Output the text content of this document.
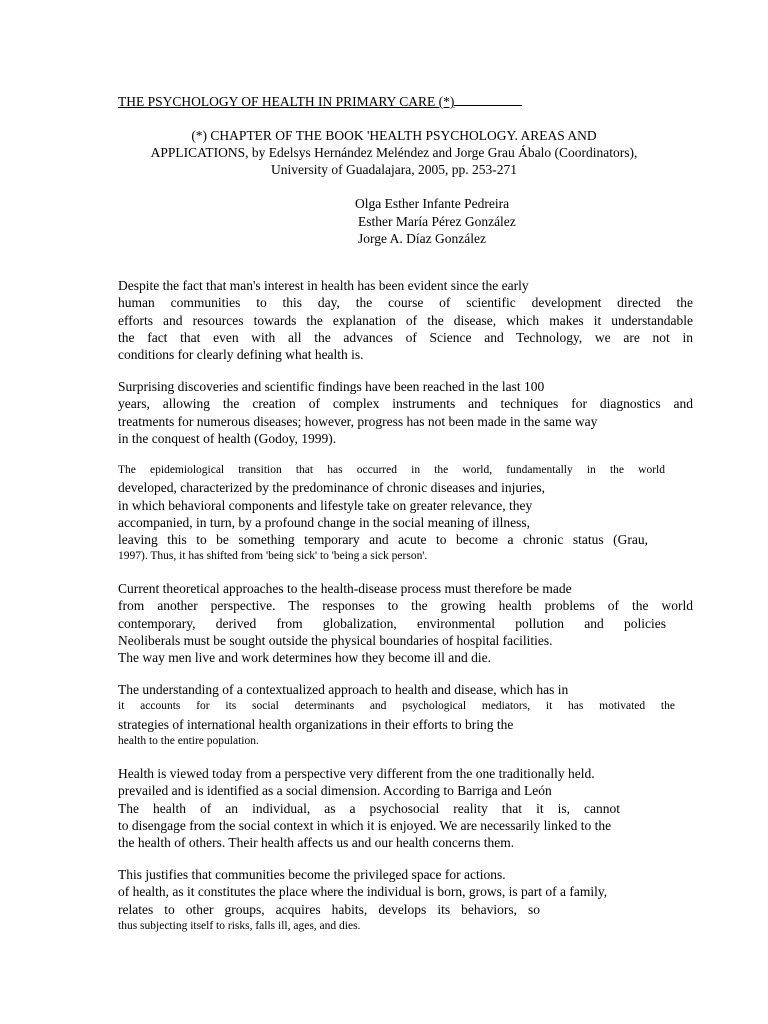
THE PSYCHOLOGY OF HEALTH IN PRIMARY CARE (*)
(*) CHAPTER OF THE BOOK 'HEALTH PSYCHOLOGY. AREAS AND
APPLICATIONS, by Edelsys Hernández Meléndez and Jorge Grau Ábalo (Coordinators),
University of Guadalajara, 2005, pp. 253-271
Olga Esther Infante Pedreira
Esther María Pérez González
Jorge A. Díaz González
Despite the fact that man's interest in health has been evident since the early
human communities to this day, the course of scientific development directed the
efforts and resources towards the explanation of the disease, which makes it understandable
the fact that even with all the advances of Science and Technology, we are not in
conditions for clearly defining what health is.
Surprising discoveries and scientific findings have been reached in the last 100
years, allowing the creation of complex instruments and techniques for diagnostics and
treatments for numerous diseases; however, progress has not been made in the same way
in the conquest of health (Godoy, 1999).
The epidemiological transition that has occurred in the world, fundamentally in the world
developed, characterized by the predominance of chronic diseases and injuries,
in which behavioral components and lifestyle take on greater relevance, they
accompanied, in turn, by a profound change in the social meaning of illness,
leaving this to be something temporary and acute to become a chronic status (Grau,
1997). Thus, it has shifted from 'being sick' to 'being a sick person'.
Current theoretical approaches to the health-disease process must therefore be made
from another perspective. The responses to the growing health problems of the world
contemporary, derived from globalization, environmental pollution and policies
Neoliberals must be sought outside the physical boundaries of hospital facilities.
The way men live and work determines how they become ill and die.
The understanding of a contextualized approach to health and disease, which has in
it accounts for its social determinants and psychological mediators, it has motivated the
strategies of international health organizations in their efforts to bring the
health to the entire population.
Health is viewed today from a perspective very different from the one traditionally held.
prevailed and is identified as a social dimension. According to Barriga and León
The health of an individual, as a psychosocial reality that it is, cannot
to disengage from the social context in which it is enjoyed. We are necessarily linked to the
the health of others. Their health affects us and our health concerns them.
This justifies that communities become the privileged space for actions.
of health, as it constitutes the place where the individual is born, grows, is part of a family,
relates to other groups, acquires habits, develops its behaviors, so
thus subjecting itself to risks, falls ill, ages, and dies.
